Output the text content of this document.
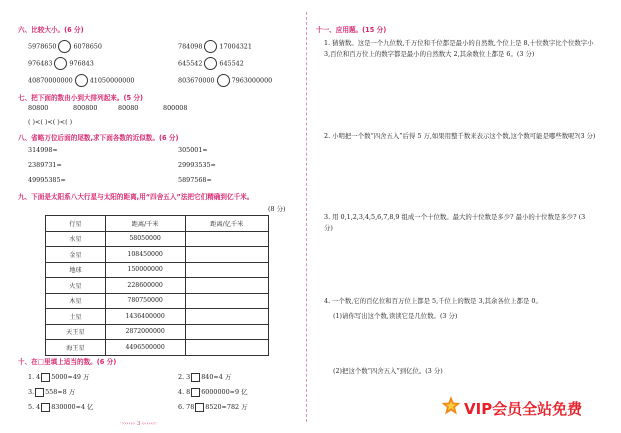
六、比较大小。(6 分)
5978650	6078650	784098	17004321
976483	976843	645542	645542
40870000000	41050000000	803670000	7963000000
七、把下面的数由小到大排列起来。(5 分)
80800	800800	80080	800008
( )<( )<( )<( )
八、省略万位后面的尾数,求下面各数的近似数。(6 分)
314998≈	305001≈
2389731≈	29993535≈
49995385≈	5897568≈
九、下面是太阳系八大行星与太阳的距离,用“四舍五入”法把它们精确到亿千米。
(8 分)
行星	距离/千米	距离/亿千米
水星	58050000	
金星	108450000	
地球	150000000	
火星	228600000	
木星	780750000	
土星	1436400000	
天王星	2872000000	
海王星	4496500000	
十、在□里填上适当的数。(6 分)
1. 4 5000≈49 万	2. 3 840≈4 万
3. 558≈8 万	4. 8 6000000≈9 亿
5. 4 830000≈4 亿	6. 78 8520≈782 万
·›››››› 3 ‹‹‹‹‹‹·
十一、应用题。(15 分)
1. 猜猜数。这是一个九位数,千万位和千位都是最小的自然数,个位上是 8,十位数字比个位数字小 3,百位和百万位上的数字都是最小的自然数大 2,其余数位上都是 6。(3 分)
2. 小明把一个数“四舍五入”后得 5 万,如果用整千数来表示这个数,这个数可能是哪些数呢?(3 分)
3. 用 0,1,2,3,4,5,6,7,8,9 组成一个十位数。最大的十位数是多少? 最小的十位数是多少? (3 分)
4. 一个数,它的百亿位和百万位上都是 5,千位上的数是 3,其余各位上都是 0。
(1)请你写出这个数,读读它是几位数。(3 分)
(2)把这个数“四舍五入”到亿位。(3 分)
VIP会员全站免费
